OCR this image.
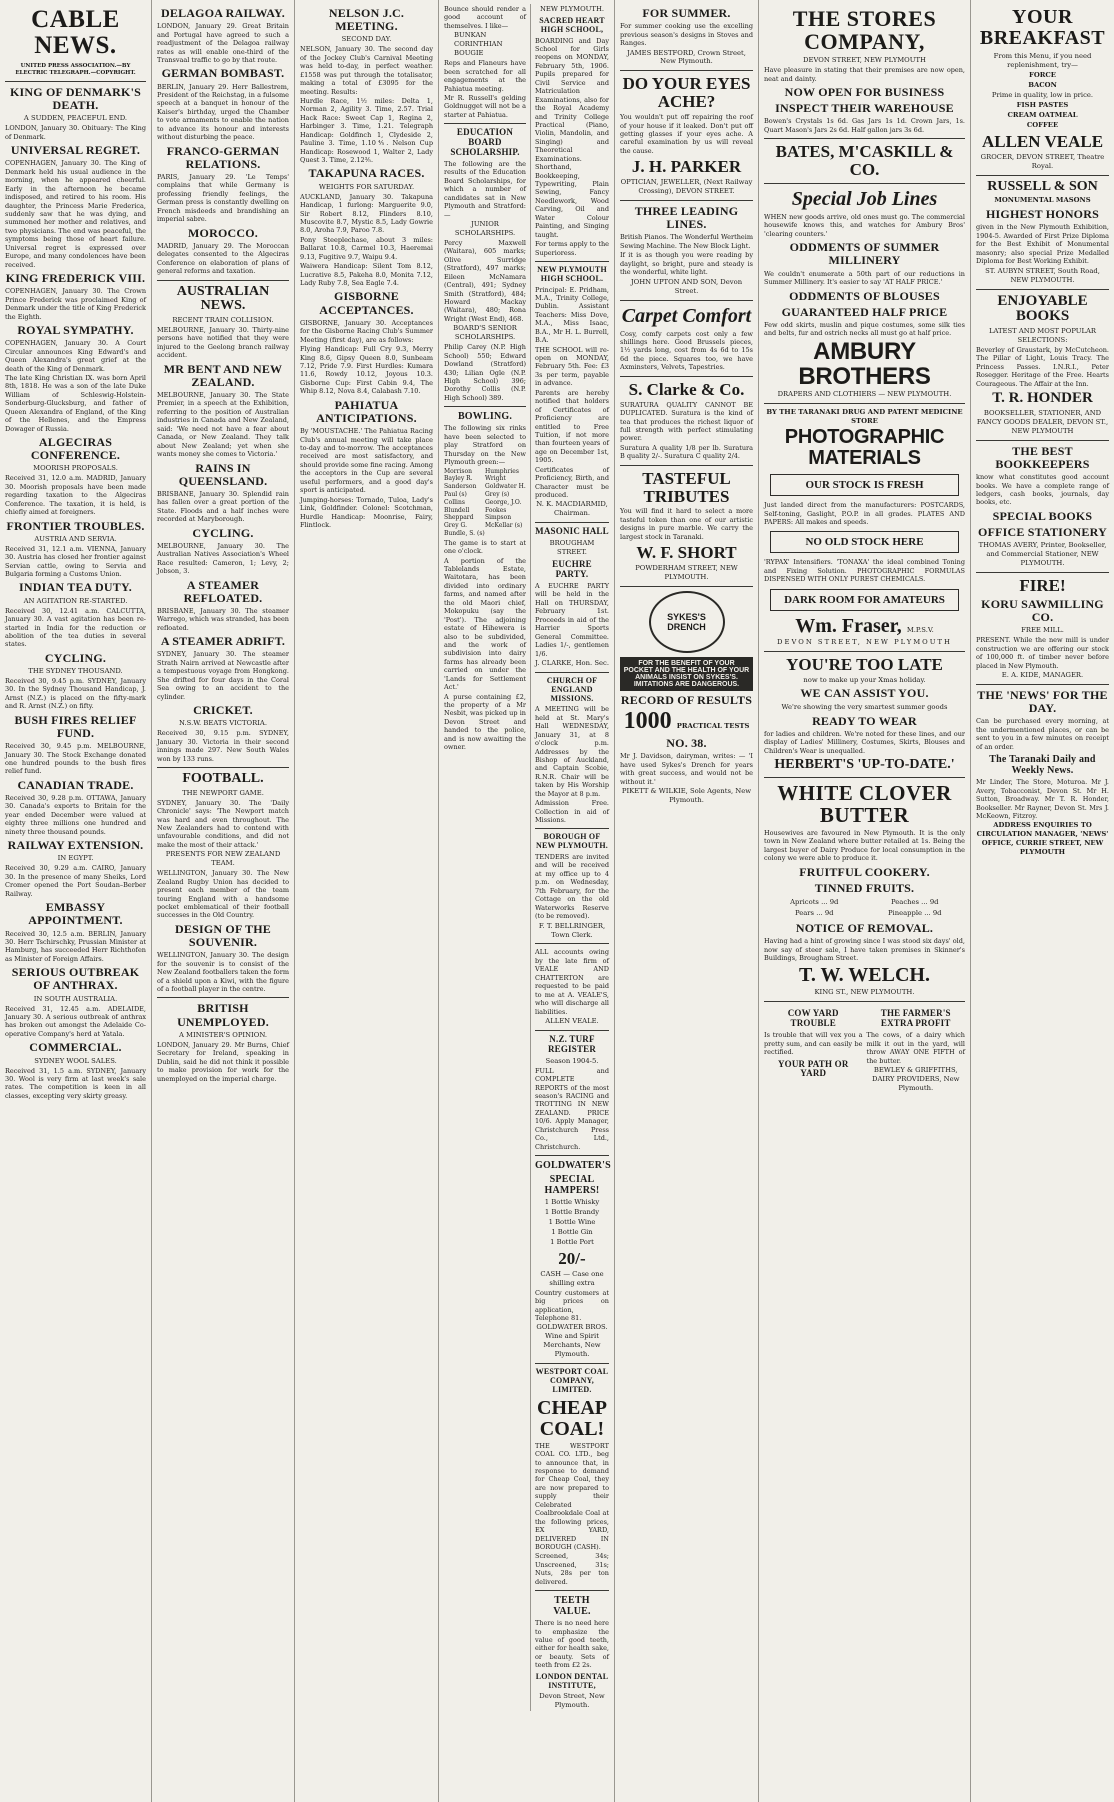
CABLE NEWS.
UNITED PRESS ASSOCIATION.—BY ELECTRIC TELEGRAPH.—COPYRIGHT.
KING OF DENMARK'S DEATH.
A SUDDEN, PEACEFUL END.
LONDON, January 30. Obituary: The King of Denmark.
UNIVERSAL REGRET.
COPENHAGEN, January 30. The King of Denmark held his usual audience in the morning, when he appeared cheerful. Early in the afternoon he became indisposed, and retired to his room. His daughter, the Princess Marie Frederica, suddenly saw that he was dying, and summoned her mother and relatives, and two physicians. The end was peaceful, the symptoms being those of heart failure. Universal regret is expressed over Europe, and many condolences have been received.
KING FREDERICK VIII.
COPENHAGEN, January 30. The Crown Prince Frederick was proclaimed King of Denmark under the title of King Frederick the Eighth.
ROYAL SYMPATHY.
COPENHAGEN, January 30. A Court Circular announces King Edward's and Queen Alexandra's great grief at the death of the King of Denmark.
The late King Christian IX. was born April 8th, 1818. He was a son of the late Duke William of Schleswig-Holstein-Sonderburg-Glucksburg, and father of Queen Alexandra of England, of the King of the Hellenes, and the Empress Dowager of Russia.
ALGECIRAS CONFERENCE.
MOORISH PROPOSALS.
Received 31, 12.0 a.m. MADRID, January 30. Moorish proposals have been made regarding taxation to the Algeciras Conference. The taxation, it is held, is chiefly aimed at foreigners.
FRONTIER TROUBLES.
AUSTRIA AND SERVIA.
Received 31, 12.1 a.m. VIENNA, January 30. Austria has closed her frontier against Servian cattle, owing to Servia and Bulgaria forming a Customs Union.
INDIAN TEA DUTY.
AN AGITATION RE-STARTED.
Received 30, 12.41 a.m. CALCUTTA, January 30. A vast agitation has been re-started in India for the reduction or abolition of the tea duties in several states.
CYCLING.
THE SYDNEY THOUSAND.
Received 30, 9.45 p.m. SYDNEY, January 30. In the Sydney Thousand Handicap, J. Arnst (N.Z.) is placed on the fifty-mark and R. Arnst (N.Z.) on fifty.
BUSH FIRES RELIEF FUND.
Received 30, 9.45 p.m. MELBOURNE, January 30. The Stock Exchange donated one hundred pounds to the bush fires relief fund.
CANADIAN TRADE.
Received 30, 9.28 p.m. OTTAWA, January 30. Canada's exports to Britain for the year ended December were valued at eighty three millions one hundred and ninety three thousand pounds.
RAILWAY EXTENSION.
IN EGYPT.
Received 30, 9.29 a.m. CAIRO, January 30. In the presence of many Sheiks, Lord Cromer opened the Port Soudan–Berber Railway.
EMBASSY APPOINTMENT.
Received 30, 12.5 a.m. BERLIN, January 30. Herr Tschirschky, Prussian Minister at Hamburg, has succeeded Herr Richthofen as Minister of Foreign Affairs.
SERIOUS OUTBREAK OF ANTHRAX.
IN SOUTH AUSTRALIA.
Received 31, 12.45 a.m. ADELAIDE, January 30. A serious outbreak of anthrax has broken out amongst the Adelaide Co-operative Company's herd at Yatala.
COMMERCIAL.
SYDNEY WOOL SALES.
Received 31, 1.5 a.m. SYDNEY, January 30. Wool is very firm at last week's sale rates. The competition is keen in all classes, excepting very skirty greasy.
DELAGOA RAILWAY.
LONDON, January 29. Great Britain and Portugal have agreed to such a readjustment of the Delagoa railway rates as will enable one-third of the Transvaal traffic to go by that route.
GERMAN BOMBAST.
BERLIN, January 29. Herr Ballestrem, President of the Reichstag, in a fulsome speech at a banquet in honour of the Kaiser's birthday, urged the Chamber to vote armaments to enable the nation to advance its honour and interests without disturbing the peace.
FRANCO-GERMAN RELATIONS.
PARIS, January 29. 'Le Temps' complains that while Germany is professing friendly feelings, the German press is constantly dwelling on French misdeeds and brandishing an imperial sabre.
MOROCCO.
MADRID, January 29. The Moroccan delegates consented to the Algeciras Conference on elaboration of plans of general reforms and taxation.
AUSTRALIAN NEWS.
RECENT TRAIN COLLISION.
MELBOURNE, January 30. Thirty-nine persons have notified that they were injured to the Geelong branch railway accident.
MR BENT AND NEW ZEALAND.
MELBOURNE, January 30. The State Premier, in a speech at the Exhibition, referring to the position of Australian industries in Canada and New Zealand, said: 'We need not have a fear about Canada, or New Zealand. They talk about New Zealand; yet when she wants money she comes to Victoria.'
RAINS IN QUEENSLAND.
BRISBANE, January 30. Splendid rain has fallen over a great portion of the State. Floods and a half inches were recorded at Maryborough.
CYCLING.
MELBOURNE, January 30. The Australian Natives Association's Wheel Race resulted: Cameron, 1; Levy, 2; Jobson, 3.
A STEAMER REFLOATED.
BRISBANE, January 30. The steamer Warrego, which was stranded, has been refloated.
A STEAMER ADRIFT.
SYDNEY, January 30. The steamer Strath Nairn arrived at Newcastle after a tempestuous voyage from Hongkong. She drifted for four days in the Coral Sea owing to an accident to the cylinder.
CRICKET.
N.S.W. BEATS VICTORIA.
Received 30, 9.15 p.m. SYDNEY, January 30. Victoria in their second innings made 297. New South Wales won by 133 runs.
FOOTBALL.
THE NEWPORT GAME.
SYDNEY, January 30. The 'Daily Chronicle' says: 'The Newport match was hard and even throughout. The New Zealanders had to contend with unfavourable conditions, and did not make the most of their attack.'
PRESENTS FOR NEW ZEALAND TEAM.
WELLINGTON, January 30. The New Zealand Rugby Union has decided to present each member of the team touring England with a handsome pocket emblematical of their football successes in the Old Country.
DESIGN OF THE SOUVENIR.
WELLINGTON, January 30. The design for the souvenir is to consist of the New Zealand footballers taken the form of a shield upon a Kiwi, with the figure of a football player in the centre.
BRITISH UNEMPLOYED.
A MINISTER'S OPINION.
LONDON, January 29. Mr Burns, Chief Secretary for Ireland, speaking in Dublin, said he did not think it possible to make provision for work for the unemployed on the imperial charge.
NELSON J.C. MEETING.
SECOND DAY.
NELSON, January 30. The second day of the Jockey Club's Carnival Meeting was held to-day, in perfect weather. £1558 was put through the totalisator, making a total of £3095 for the meeting. Results:
Hurdle Race, 1½ miles: Delta 1, Norman 2, Agility 3. Time, 2.57. Trial Hack Race: Sweet Cap 1, Regina 2, Harbinger 3. Time, 1.21. Telegraph Handicap: Goldfinch 1, Clydeside 2, Pauline 3. Time, 1.10⅘. Nelson Cup Handicap: Rosewood 1, Walter 2, Lady Quest 3. Time, 2.12⅗.
TAKAPUNA RACES.
WEIGHTS FOR SATURDAY.
AUCKLAND, January 30. Takapuna Handicap, 1 furlong: Marguerite 9.0, Sir Robert 8.12, Flinders 8.10, Muscovite 8.7, Mystic 8.5, Lady Gowrie 8.0, Aroha 7.9, Paroo 7.8.
Pony Steeplechase, about 3 miles: Ballarat 10.8, Carmel 10.3, Haeremai 9.13, Fugitive 9.7, Waipu 9.4.
Waiwera Handicap: Silent Tom 8.12, Lucrative 8.5, Pakeha 8.0, Monita 7.12, Lady Ruby 7.8, Sea Eagle 7.4.
GISBORNE ACCEPTANCES.
GISBORNE, January 30. Acceptances for the Gisborne Racing Club's Summer Meeting (first day), are as follows:
Flying Handicap: Full Cry 9.3, Merry King 8.6, Gipsy Queen 8.0, Sunbeam 7.12, Pride 7.9. First Hurdles: Kumara 11.6, Rowdy 10.12, Joyous 10.3. Gisborne Cup: First Cabin 9.4, The Whip 8.12, Nova 8.4, Calabash 7.10.
PAHIATUA ANTICIPATIONS.
By 'MOUSTACHE.' The Pahiatua Racing Club's annual meeting will take place to-day and to-morrow. The acceptances received are most satisfactory, and should provide some fine racing. Among the acceptors in the Cup are several useful performers, and a good day's sport is anticipated.
Jumping-horses: Tornado, Tuloa, Lady's Link, Goldfinder. Colonel: Scotchman, Hurdle Handicap: Moonrise, Fairy, Flintlock.
Bounce should render a good account of themselves. I like—
BUNKAN
CORINTHIAN
BOUGIE
Reps and Flaneurs have been scratched for all engagements at the Pahiatua meeting.
Mr R. Russell's gelding Goldnugget will not be a starter at Pahiatua.
EDUCATION BOARD SCHOLARSHIP.
The following are the results of the Education Board Scholarships, for which a number of candidates sat in New Plymouth and Stratford:—
JUNIOR SCHOLARSHIPS.
Percy Maxwell (Waitara), 605 marks; Olive Surridge (Stratford), 497 marks; Eileen McNamara (Central), 491; Sydney Smith (Stratford), 484; Howard Mackay (Waitara), 480; Rona Wright (West End), 468.
BOARD'S SENIOR SCHOLARSHIPS.
Philip Carey (N.P. High School) 550; Edward Dowland (Stratford) 430; Lilian Ogle (N.P. High School) 396; Dorothy Collis (N.P. High School) 389.
BOWLING.
The following six rinks have been selected to play Stratford on Thursday on the New Plymouth green:—
Morrison	Humphries
Bayley R.	Wright
Sanderson	Goldwater H.
Paul (s)	Grey (s)
Collins	George, J.O.
Blundell	Fookes
Sheppard	Simpson
Grey G.	McKellar (s)
Bundle, S. (s)
The game is to start at one o'clock.
A portion of the Tablelands Estate, Waitotara, has been divided into ordinary farms, and named after the old Maori chief, Mokopuku (say the 'Post'). The adjoining estate of Hihewera is also to be subdivided, and the work of subdivision into dairy farms has already been carried on under the 'Lands for Settlement Act.'
A purse containing £2, the property of a Mr Nesbit, was picked up in Devon Street and handed to the police, and is now awaiting the owner.
NEW PLYMOUTH.
SACRED HEART HIGH SCHOOL,
BOARDING and Day School for Girls reopens on MONDAY, February 5th, 1906. Pupils prepared for Civil Service and Matriculation Examinations, also for the Royal Academy and Trinity College Practical (Piano, Violin, Mandolin, and Singing) and Theoretical Examinations. Shorthand, Bookkeeping, Typewriting, Plain Sewing, Fancy Needlework, Wood Carving, Oil and Water Colour Painting, and Singing taught.
For terms apply to the Superioress.
NEW PLYMOUTH HIGH SCHOOL.
Principal: E. Pridham, M.A., Trinity College, Dublin. Assistant Teachers: Miss Dove, M.A., Miss Isaac, B.A., Mr H. L. Burrell, B.A.
THE SCHOOL will re-open on MONDAY, February 5th. Fee: £3 3s per term, payable in advance.
Parents are hereby notified that holders of Certificates of Proficiency are entitled to Free Tuition, if not more than fourteen years of age on December 1st, 1905.
Certificates of Proficiency, Birth, and Character must be produced.
N. K. MACDIARMID, Chairman.
MASONIC HALL
BROUGHAM STREET.
EUCHRE PARTY.
A EUCHRE PARTY will be held in the Hall on THURSDAY, February 1st. Proceeds in aid of the Harrier Sports General Committee. Ladies 1/-, gentlemen 1/6.
J. CLARKE, Hon. Sec.
CHURCH OF ENGLAND MISSIONS.
A MEETING will be held at St. Mary's Hall WEDNESDAY, January 31, at 8 o'clock p.m. Addresses by the Bishop of Auckland, and Captain Scobie, R.N.R. Chair will be taken by His Worship the Mayor at 8 p.m.
Admission Free. Collection in aid of Missions.
BOROUGH OF NEW PLYMOUTH.
TENDERS are invited and will be received at my office up to 4 p.m. on Wednesday, 7th February, for the Cottage on the old Waterworks Reserve (to be removed).
F. T. BELLRINGER, Town Clerk.
ALL accounts owing by the late firm of VEALE AND CHATTERTON are requested to be paid to me at A. VEALE'S, who will discharge all liabilities.
ALLEN VEALE.
N.Z. TURF REGISTER
Season 1904-5.
FULL and COMPLETE REPORTS of the most season's RACING and TROTTING IN NEW ZEALAND. PRICE 10/6. Apply Manager, Christchurch Press Co., Ltd., Christchurch.
GOLDWATER'S
SPECIAL HAMPERS!
1 Bottle Whisky
1 Bottle Brandy
1 Bottle Wine
1 Bottle Gin
1 Bottle Port
20/-
CASH — Case one shilling extra
Country customers at big prices on application, Telephone 81.
GOLDWATER BROS. Wine and Spirit Merchants, New Plymouth.
WESTPORT COAL COMPANY, LIMITED.
CHEAP COAL!
THE WESTPORT COAL CO. LTD., beg to announce that, in response to demand for Cheap Coal, they are now prepared to supply their Celebrated Coalbrookdale Coal at the following prices, EX YARD, DELIVERED IN BOROUGH (CASH).
Screened, 34s; Unscreened, 31s; Nuts, 28s per ton delivered.
TEETH VALUE.
There is no need here to emphasize the value of good teeth, either for health sake, or beauty. Sets of teeth from £2 2s.
LONDON DENTAL INSTITUTE,
Devon Street, New Plymouth.
FOR SUMMER.
For summer cooking use the excelling previous season's designs in Stoves and Ranges.
JAMES BESTFORD, Crown Street, New Plymouth.
DO YOUR EYES ACHE?
You wouldn't put off repairing the roof of your house if it leaked. Don't put off getting glasses if your eyes ache. A careful examination by us will reveal the cause.
J. H. PARKER
OPTICIAN, JEWELLER, (Next Railway Crossing), DEVON STREET.
THREE LEADING LINES.
British Pianos. The Wonderful Wertheim Sewing Machine. The New Block Light.
If it is as though you were reading by daylight, so bright, pure and steady is the wonderful, white light.
JOHN UPTON AND SON, Devon Street.
Carpet Comfort
Cosy, comfy carpets cost only a few shillings here. Good Brussels pieces, 1½ yards long, cost from 4s 6d to 15s 6d the piece. Squares too, we have Axminsters, Velvets, Tapestries.
S. Clarke & Co.
SURATURA QUALITY CANNOT BE DUPLICATED. Suratura is the kind of tea that produces the richest liquor of full strength with perfect stimulating power.
Suratura A quality 1/8 per lb. Suratura B quality 2/-. Suratura C quality 2/4.
TASTEFUL TRIBUTES
You will find it hard to select a more tasteful token than one of our artistic designs in pure marble. We carry the largest stock in Taranaki.
W. F. SHORT
POWDERHAM STREET, NEW PLYMOUTH.
SYKES'S DRENCH
FOR THE BENEFIT OF YOUR POCKET AND THE HEALTH OF YOUR ANIMALS INSIST ON SYKES'S. IMITATIONS ARE DANGEROUS.
RECORD OF RESULTS
1000 PRACTICAL TESTS
NO. 38.
Mr J. Davidson, dairyman, writes: — 'I have used Sykes's Drench for years with great success, and would not be without it.'
PIKETT & WILKIE, Sole Agents, New Plymouth.
THE STORES COMPANY,
DEVON STREET, NEW PLYMOUTH
Have pleasure in stating that their premises are now open, neat and dainty.
NOW OPEN FOR BUSINESS
INSPECT THEIR WAREHOUSE
Bowen's Crystals 1s 6d. Gas Jars 1s 1d. Crown Jars, 1s. Quart Mason's Jars 2s 6d. Half gallon jars 3s 6d.
BATES, M'CASKILL & CO.
Special Job Lines
WHEN new goods arrive, old ones must go. The commercial housewife knows this, and watches for Ambury Bros' 'clearing counters.'
ODDMENTS OF SUMMER MILLINERY
We couldn't enumerate a 50th part of our reductions in Summer Millinery. It's easier to say 'AT HALF PRICE.'
ODDMENTS OF BLOUSES
GUARANTEED HALF PRICE
Few odd skirts, muslin and pique costumes, some silk ties and belts, fur and ostrich necks all must go at half price.
AMBURY BROTHERS
DRAPERS AND CLOTHIERS — NEW PLYMOUTH.
BY THE TARANAKI DRUG AND PATENT MEDICINE STORE
PHOTOGRAPHIC MATERIALS
OUR STOCK IS FRESH
Just landed direct from the manufacturers: POSTCARDS, Self-toning, Gaslight, P.O.P. in all grades. PLATES AND PAPERS: All makes and speeds.
NO OLD STOCK HERE
'RYPAX' Intensifiers. 'TONAXA' the ideal combined Toning and Fixing Solution. PHOTOGRAPHIC FORMULAS DISPENSED WITH ONLY PUREST CHEMICALS.
DARK ROOM FOR AMATEURS
Wm. Fraser, M.P.S.V.
DEVON STREET, NEW PLYMOUTH
YOU'RE TOO LATE
now to make up your Xmas holiday.
WE CAN ASSIST YOU.
We're showing the very smartest summer goods
READY TO WEAR
for ladies and children. We're noted for these lines, and our display of Ladies' Millinery, Costumes, Skirts, Blouses and Children's Wear is unequalled.
HERBERT'S 'UP-TO-DATE.'
WHITE CLOVER BUTTER
Housewives are favoured in New Plymouth. It is the only town in New Zealand where butter retailed at 1s. Being the largest buyer of Dairy Produce for local consumption in the colony we were able to produce it.
FRUITFUL COOKERY.
TINNED FRUITS.
Apricots ... 9d	Peaches ... 9d
Pears ... 9d	Pineapple ... 9d
NOTICE OF REMOVAL.
Having had a hint of growing since I was stood six days' old, now say of steer sale, I have taken premises in Skinner's Buildings, Brougham Street.
T. W. WELCH.
KING ST., NEW PLYMOUTH.
COW YARD TROUBLE
Is trouble that will vex you a pretty sum, and can easily be rectified.
YOUR PATH OR YARD
THE FARMER'S EXTRA PROFIT
The cows, of a dairy which milk it out in the yard, will throw AWAY ONE FIFTH of the butter.
BEWLEY & GRIFFITHS, DAIRY PROVIDERS, New Plymouth.
YOUR BREAKFAST
From this Menu, if you need replenishment, try—
FORCE
BACON
Prime in quality, low in price.
FISH PASTES
CREAM OATMEAL
COFFEE
ALLEN VEALE
GROCER, DEVON STREET, Theatre Royal.
RUSSELL & SON
MONUMENTAL MASONS
HIGHEST HONORS
given in the New Plymouth Exhibition, 1904-5. Awarded of First Prize Diploma for the Best Exhibit of Monumental masonry; also special Prize Medalled Diploma for Best Working Exhibit.
ST. AUBYN STREET, South Road, NEW PLYMOUTH.
ENJOYABLE BOOKS
LATEST AND MOST POPULAR SELECTIONS:
Beverley of Graustark, by McCutcheon. The Pillar of Light, Louis Tracy. The Princess Passes. I.N.R.I., Peter Rosegger. Heritage of the Free. Hearts Courageous. The Affair at the Inn.
T. R. HONDER
BOOKSELLER, STATIONER, AND FANCY GOODS DEALER, DEVON ST., NEW PLYMOUTH
THE BEST BOOKKEEPERS
know what constitutes good account books. We have a complete range of ledgers, cash books, journals, day books, etc.
SPECIAL BOOKS
OFFICE STATIONERY
THOMAS AVERY, Printer, Bookseller, and Commercial Stationer, NEW PLYMOUTH.
FIRE!
KORU SAWMILLING CO.
FREE MILL.
PRESENT. While the new mill is under construction we are offering our stock of 100,000 ft. of timber never before placed in New Plymouth.
E. A. KIDE, MANAGER.
THE 'NEWS' FOR THE DAY.
Can be purchased every morning, at the undermentioned places, or can be sent to you in a few minutes on receipt of an order.
The Taranaki Daily and Weekly News.
Mr Linder, The Store, Moturoa. Mr J. Avery, Tobacconist, Devon St. Mr H. Sutton, Broadway. Mr T. R. Honder, Bookseller. Mr Rayner, Devon St. Mrs J. McKeown, Fitzroy.
ADDRESS ENQUIRIES TO CIRCULATION MANAGER, 'NEWS' OFFICE, CURRIE STREET, NEW PLYMOUTH
